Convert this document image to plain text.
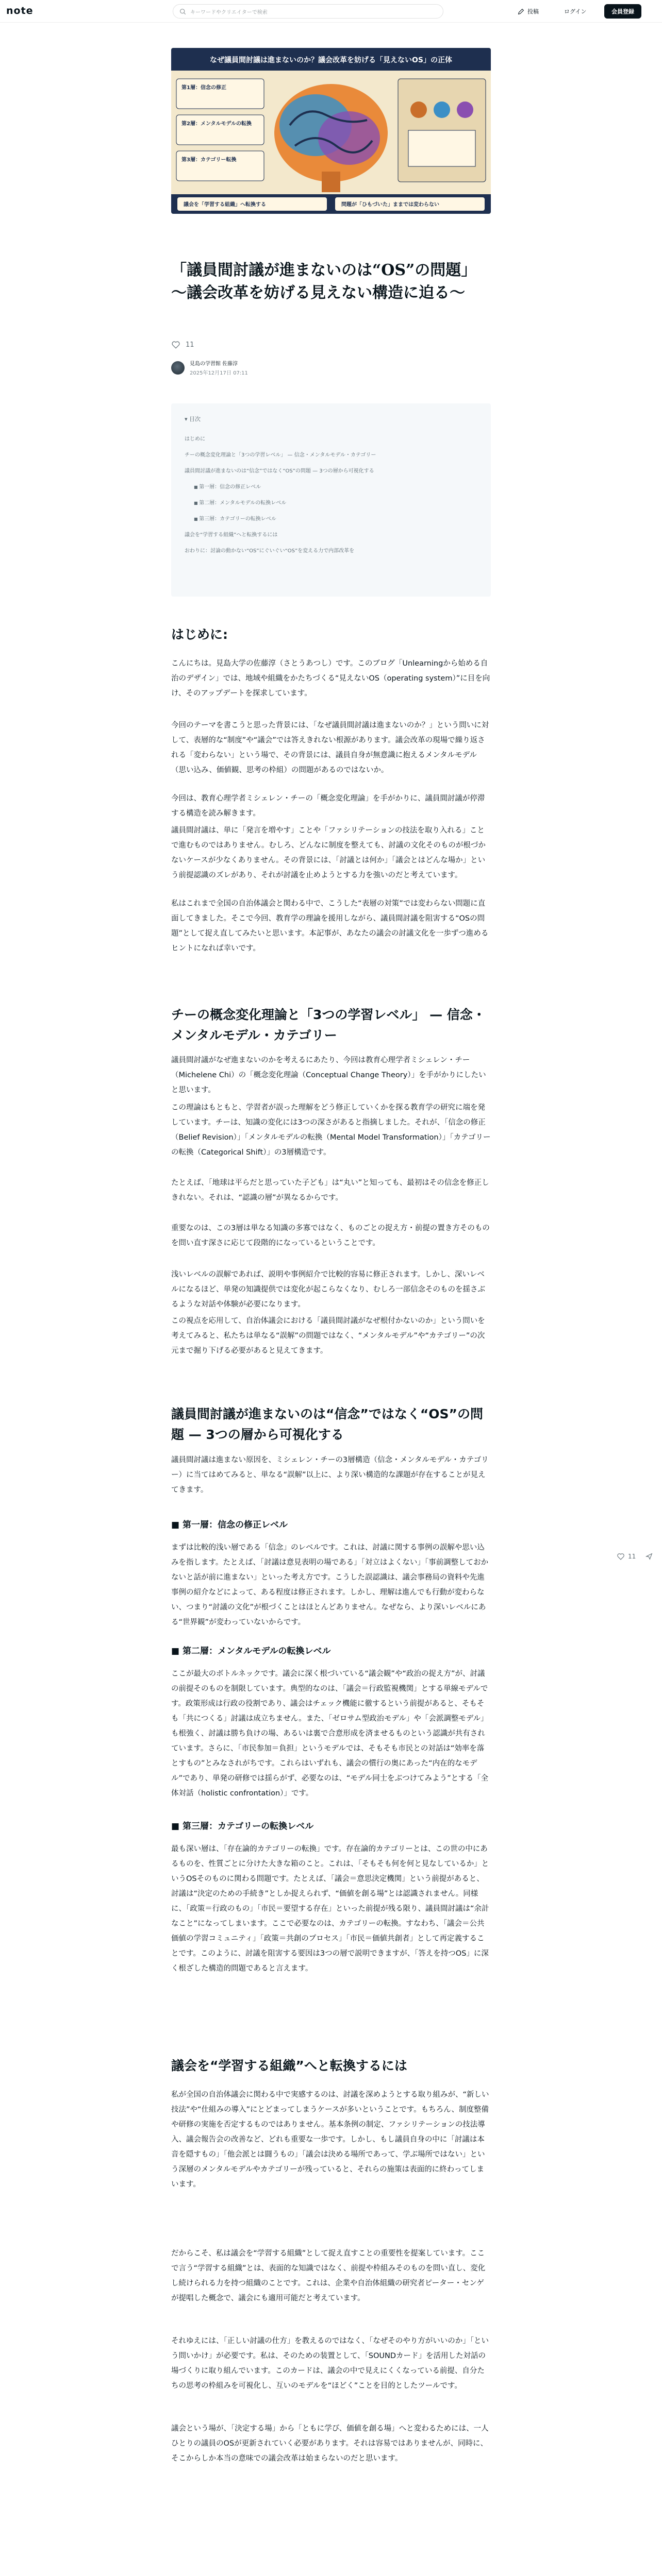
note	キーワードやクリエイターで検索	投稿	ログイン	会員登録
なぜ議員間討議は進まないのか？議会改革を妨げる「見えないOS」の正体
第1層：信念の修正
第2層：メンタルモデルの転換
第3層：カテゴリー転換
議会を「学習する組織」へ転換する	問題が「ひもづいた」ままでは変わらない
「議員間討議が進まないのは“OS”の問題」 〜議会改革を妨げる見えない構造に迫る〜
11
見島の学習館 佐藤淳
2025年12月17日 07:11
▾ 目次
はじめに
チーの概念変化理論と「3つの学習レベル」 — 信念・メンタルモデル・カテゴリー
議員間討議が進まないのは“信念”ではなく“OS”の問題 — 3つの層から可視化する
■ 第一層：信念の修正レベル
■ 第二層：メンタルモデルの転換レベル
■ 第三層：カテゴリーの転換レベル
議会を“学習する組織”へと転換するには
おわりに：討論の動かない“OS”にぐいぐい“OS”を変える力で内部改革を
はじめに:

こんにちは。見島大学の佐藤淳（さとうあつし）です。このブログ「Unlearningから始める自治のデザイン」では、地域や組織をかたちづくる“見えないOS（operating system）”に目を向け、そのアップデートを探求しています。

今回のテーマを書こうと思った背景には、「なぜ議員間討議は進まないのか？」という問いに対して、表層的な“制度”や“議会”では答えきれない根源があります。議会改革の現場で繰り返される「変わらない」という場で、その背景には、議員自身が無意識に抱えるメンタルモデル（思い込み、価値観、思考の枠組）の問題があるのではないか。

今回は、教育心理学者ミシェレン・チーの「概念変化理論」を手がかりに、議員間討議が停滞する構造を読み解きます。

議員間討議は、単に「発言を増やす」ことや「ファシリテーションの技法を取り入れる」ことで進むものではありません。むしろ、どんなに制度を整えても、討議の文化そのものが根づかないケースが少なくありません。その背景には、「討議とは何か」「議会とはどんな場か」という前提認識のズレがあり、それが討議を止めようとする力を強いのだと考えています。

私はこれまで全国の自治体議会と関わる中で、こうした“表層の対策”では変わらない問題に直面してきました。そこで今回、教育学の理論を援用しながら、議員間討議を阻害する“OSの問題”として捉え直してみたいと思います。本記事が、あなたの議会の討議文化を一歩ずつ進めるヒントになれば幸いです。

チーの概念変化理論と「3つの学習レベル」 — 信念・メンタルモデル・カテゴリー

議員間討議がなぜ進まないのかを考えるにあたり、今回は教育心理学者ミシェレン・チー（Michelene Chi）の「概念変化理論（Conceptual Change Theory）」を手がかりにしたいと思います。

この理論はもともと、学習者が誤った理解をどう修正していくかを探る教育学の研究に端を発しています。チーは、知識の変化には3つの深さがあると指摘しました。それが、「信念の修正（Belief Revision）」「メンタルモデルの転換（Mental Model Transformation）」「カテゴリーの転換（Categorical Shift）」の3層構造です。

たとえば、「地球は平らだと思っていた子ども」は“丸い”と知っても、最初はその信念を修正しきれない。それは、“認識の層”が異なるからです。

重要なのは、この3層は単なる知識の多寡ではなく、ものごとの捉え方・前提の置き方そのものを問い直す深さに応じて段階的になっているということです。

浅いレベルの誤解であれば、説明や事例紹介で比較的容易に修正されます。しかし、深いレベルになるほど、単発の知識提供では変化が起こらなくなり、むしろ一部信念そのものを揺さぶるような対話や体験が必要になります。

この視点を応用して、自治体議会における「議員間討議がなぜ根付かないのか」という問いを考えてみると、私たちは単なる“誤解”の問題ではなく、“メンタルモデル”や“カテゴリー”の次元まで掘り下げる必要があると見えてきます。

議員間討議が進まないのは“信念”ではなく“OS”の問題 — 3つの層から可視化する

議員間討議は進まない原因を、ミシェレン・チーの3層構造（信念・メンタルモデル・カテゴリー）に当てはめてみると、単なる“誤解”以上に、より深い構造的な課題が存在することが見えてきます。

■ 第一層：信念の修正レベル

まずは比較的浅い層である「信念」のレベルです。これは、討議に関する事例の誤解や思い込みを指します。たとえば、「討議は意見表明の場である」「対立はよくない」「事前調整しておかないと話が前に進まない」といった考え方です。こうした誤認識は、議会事務局の資料や先進事例の紹介などによって、ある程度は修正されます。しかし、理解は進んでも行動が変わらない、つまり“討議の文化”が根づくことはほとんどありません。なぜなら、より深いレベルにある“世界観”が変わっていないからです。

■ 第二層：メンタルモデルの転換レベル

ここが最大のボトルネックです。議会に深く根づいている“議会観”や“政治の捉え方”が、討議の前提そのものを制限しています。典型的なのは、「議会＝行政監視機関」とする単線モデルです。政策形成は行政の役割であり、議会はチェック機能に徹するという前提があると、そもそも「共につくる」討議は成立ちません。また、「ゼロサム型政治モデル」や「会派調整モデル」も根強く、討議は勝ち負けの場、あるいは裏で合意形成を済ませるものという認識が共有されています。さらに、「市民参加＝負担」というモデルでは、そもそも市民との対話は“効率を落とすもの”とみなされがちです。これらはいずれも、議会の慣行の奥にあった“内在的なモデル”であり、単発の研修では揺らがず、必要なのは、“モデル同士をぶつけてみよう”とする「全体対話（holistic confrontation）」です。

■ 第三層：カテゴリーの転換レベル

最も深い層は、「存在論的カテゴリーの転換」です。存在論的カテゴリーとは、この世の中にあるものを、性質ごとに分けた大きな箱のこと。これは、「そもそも何を何と見なしているか」というOSそのものに関わる問題です。たとえば、「議会＝意思決定機関」という前提があると、討議は“決定のための手続き”としか捉えられず、“価値を創る場”とは認識されません。同様に、「政策＝行政のもの」「市民＝要望する存在」といった前提が残る限り、議員間討議は“余計なこと”になってしまいます。ここで必要なのは、カテゴリーの転換。すなわち、「議会＝公共価値の学習コミュニティ」「政策＝共創のプロセス」「市民＝価値共創者」として再定義することです。このように、討議を阻害する要因は3つの層で説明できますが、「答えを持つOS」に深く根ざした構造的問題であると言えます。

議会を“学習する組織”へと転換するには

私が全国の自治体議会に関わる中で実感するのは、討議を深めようとする取り組みが、“新しい技法”や“仕組みの導入”にとどまってしまうケースが多いということです。もちろん、制度整備や研修の実施を否定するものではありません。基本条例の制定、ファシリテーションの技法導入、議会報告会の改善など、どれも重要な一歩です。しかし、もし議員自身の中に「討議は本音を隠すもの」「他会派とは闘うもの」「議会は決める場所であって、学ぶ場所ではない」という深層のメンタルモデルやカテゴリーが残っていると、それらの施策は表面的に終わってしまいます。

だからこそ、私は議会を“学習する組織”として捉え直すことの重要性を提案しています。ここで言う“学習する組織”とは、表面的な知識ではなく、前提や枠組みそのものを問い直し、変化し続けられる力を持つ組織のことです。これは、企業や自治体組織の研究者ピーター・センゲが提唱した概念で、議会にも適用可能だと考えています。

それゆえには、「正しい討議の仕方」を教えるのではなく、「なぜそのやり方がいいのか」「という問いかけ」が必要です。私は、そのための装置として、「SOUNDカード」を活用した対話の場づくりに取り組んでいます。このカードは、議会の中で見えにくくなっている前提、自分たちの思考の枠組みを可視化し、互いのモデルを“ほどく”ことを目的としたツールです。

議会という場が、「決定する場」から「ともに学び、価値を創る場」へと変わるためには、一人ひとりの議員のOSが更新されていく必要があります。それは容易ではありませんが、同時に、そこからしか本当の意味での議会改革は始まらないのだと思います。

11
